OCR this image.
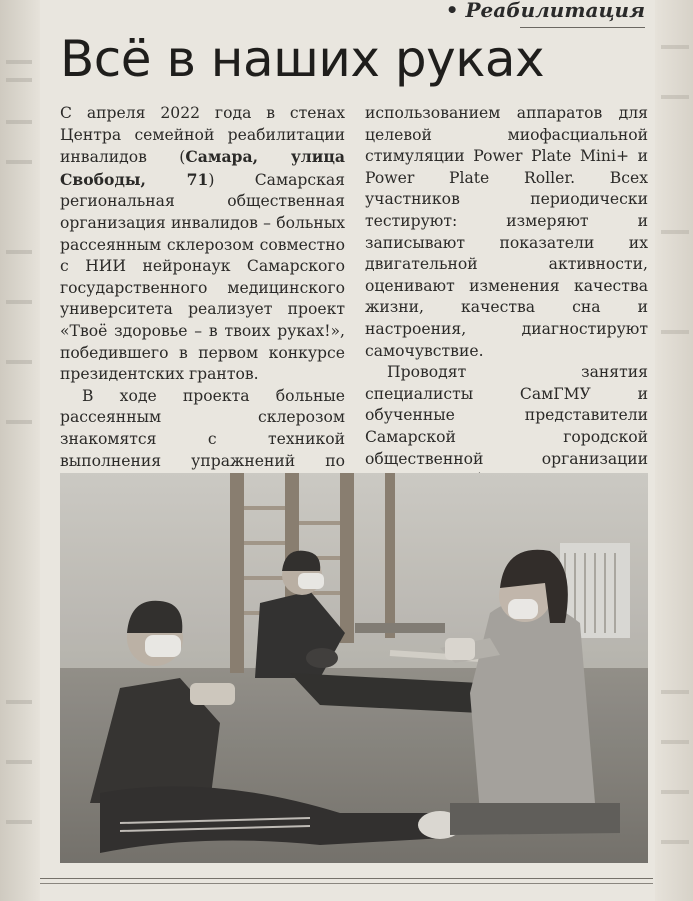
• Реабилитация
Всё в наших руках

С апреля 2022 года в стенах Центра семейной реабилитации инвалидов (Самара, улица Свободы, 71) Самарская региональная общественная организация инвалидов – больных рассеянным склерозом совместно с НИИ нейронаук Самарского государственного медицинского университета реализует проект «Твоё здоровье – в твоих руках!», победившего в первом конкурсе президентских грантов.

В ходе проекта больные рассеянным склерозом знакомятся с техникой выполнения упражнений по

использованием аппаратов для целевой миофасциальной стимуляции Power Plate Mini+ и Power Plate Roller. Всех участников периодически тестируют: измеряют и записывают показатели их двигательной активности, оценивают изменения качества жизни, качества сна и настроения, диагностируют самочувствие.

Проводят занятия специалисты СамГМУ и обученные представители Самарской городской общественной организации
